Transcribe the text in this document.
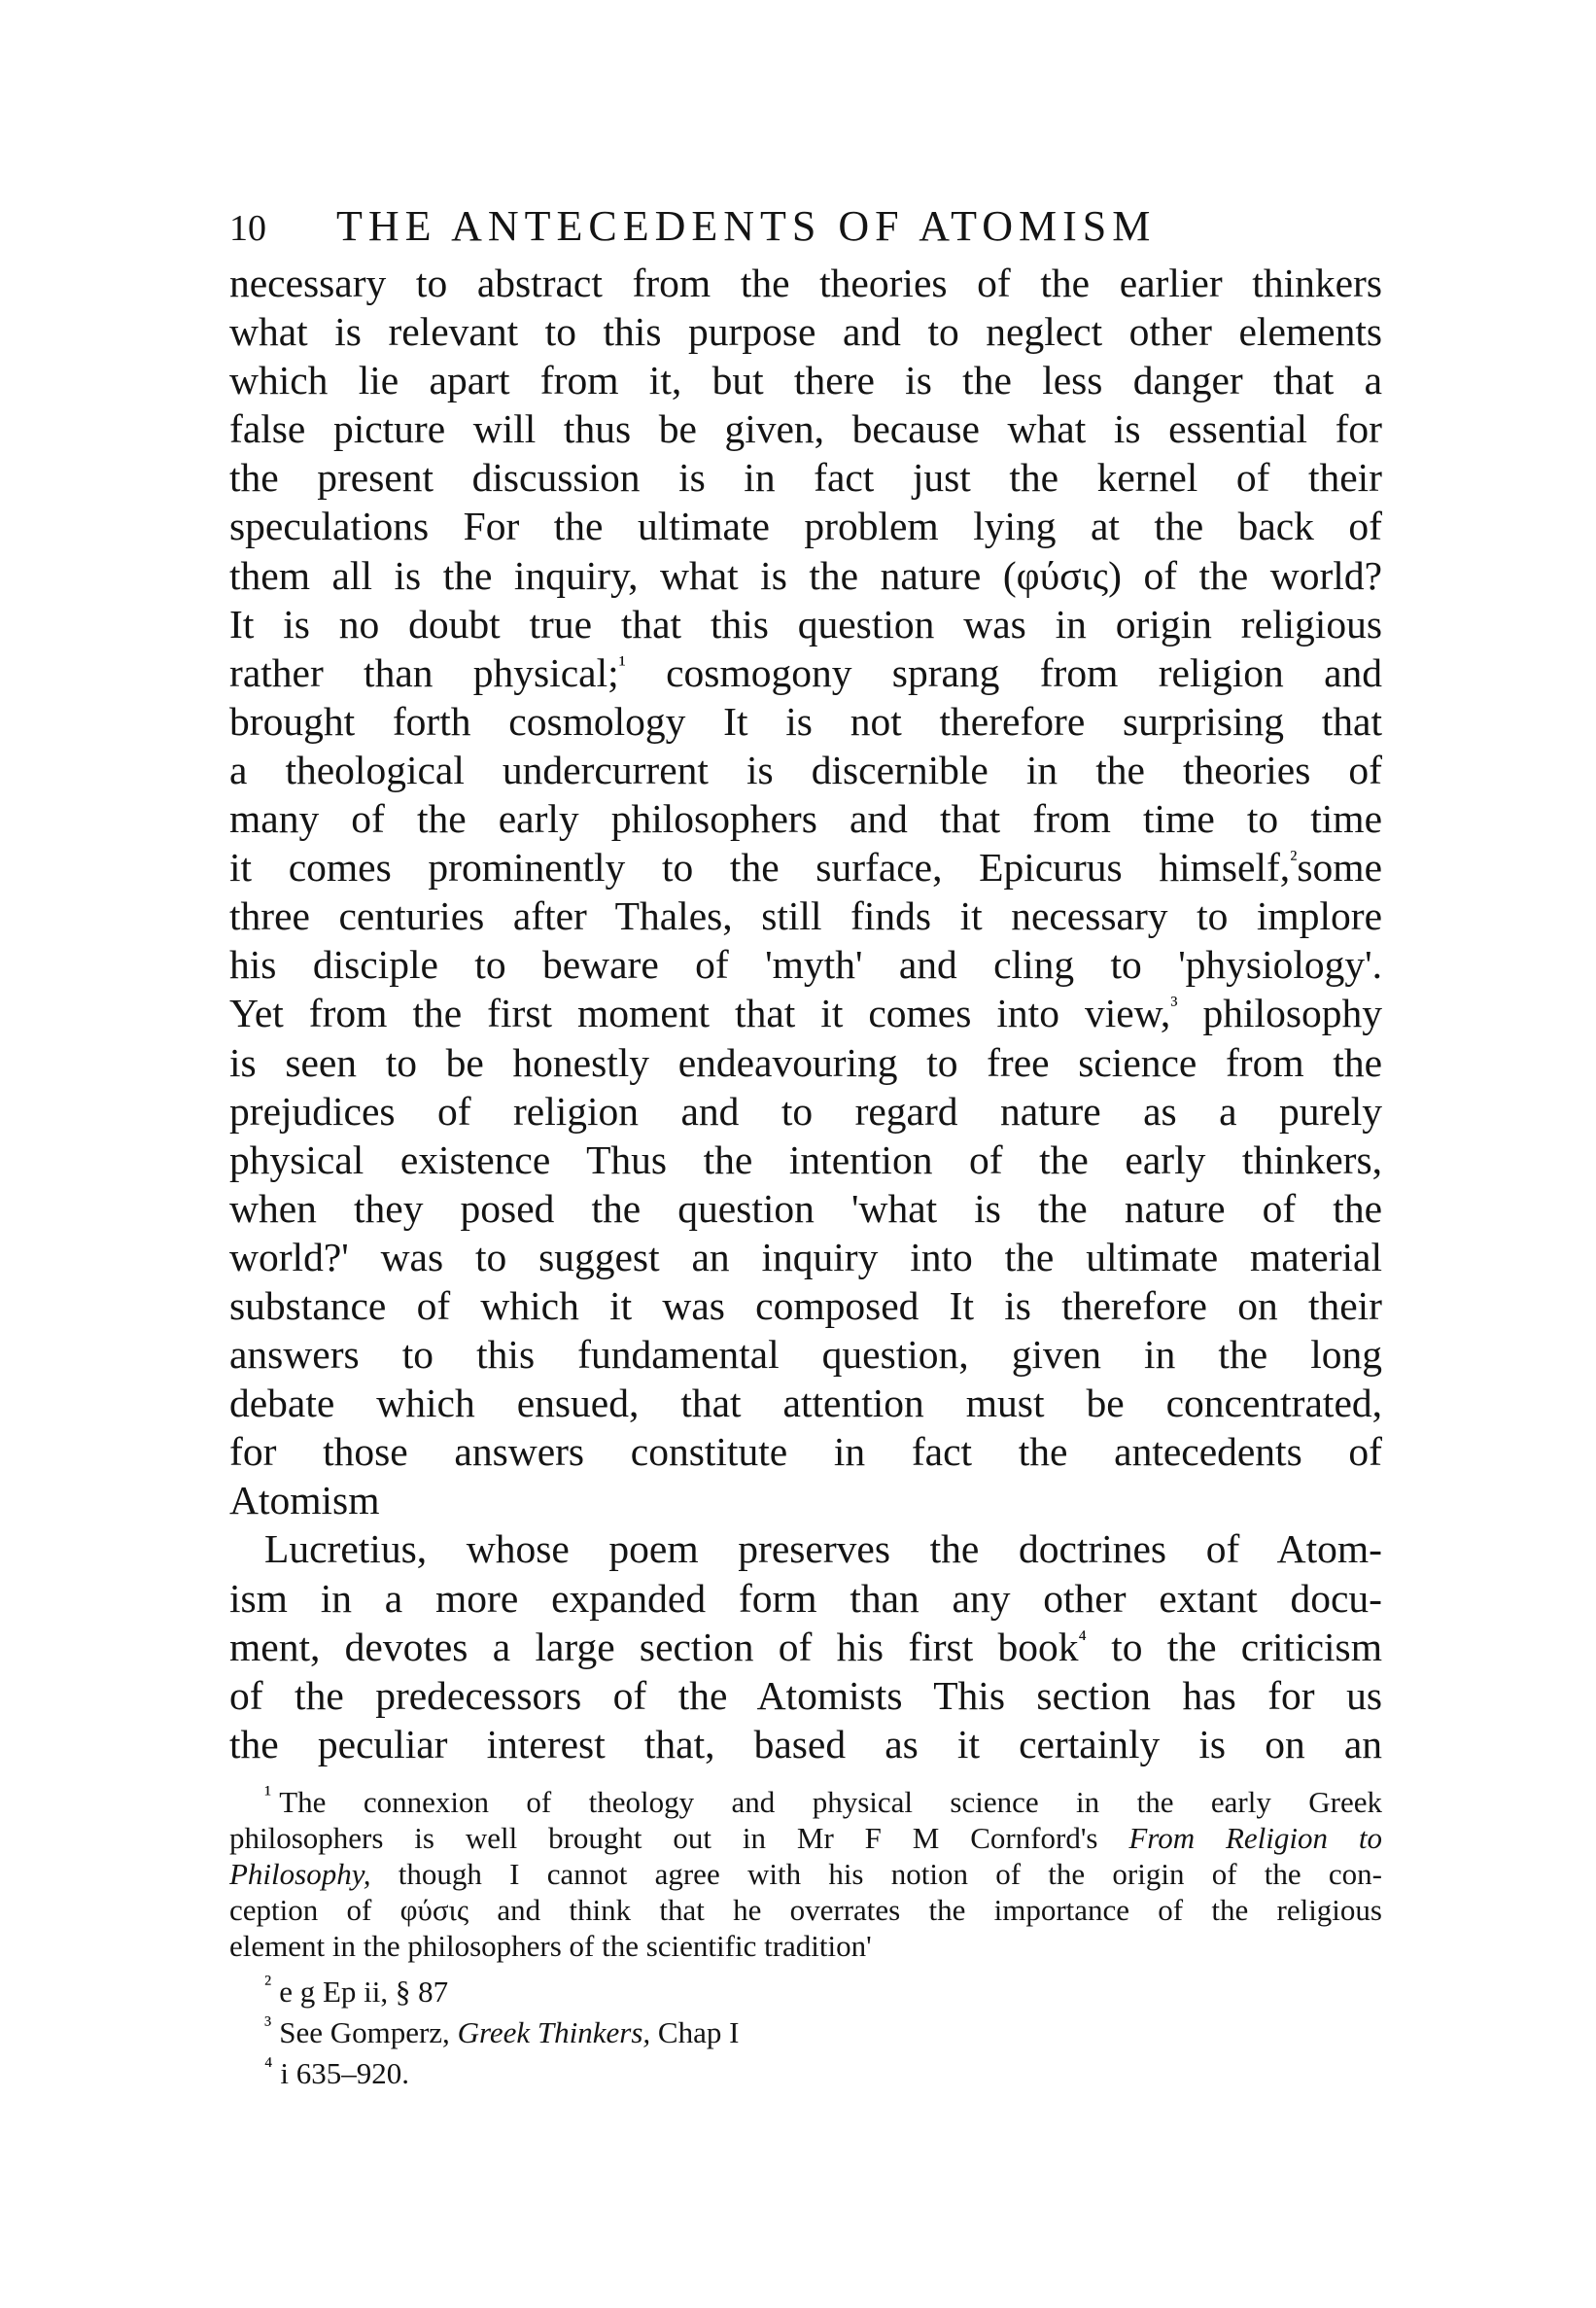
10	THE ANTECEDENTS OF ATOMISM
necessary to abstract from the theories of the earlier thinkers
what is relevant to this purpose and to neglect other elements
which lie apart from it, but there is the less danger that a
false picture will thus be given, because what is essential for
the present discussion is in fact just the kernel of their
speculations For the ultimate problem lying at the back of
them all is the inquiry, what is the nature (φύσις) of the world?
It is no doubt true that this question was in origin religious
rather than physical;$^{^1}$ cosmogony sprang from religion and
brought forth cosmology It is not therefore surprising that
a theological undercurrent is discernible in the theories of
many of the early philosophers and that from time to time
it comes prominently to the surface, Epicurus himself,$^{^2}$some
three centuries after Thales, still finds it necessary to implore
his disciple to beware of 'myth' and cling to 'physiology'.
Yet from the first moment that it comes into view,$^{^3}$ philosophy
is seen to be honestly endeavouring to free science from the
prejudices of religion and to regard nature as a purely
physical existence Thus the intention of the early thinkers,
when they posed the question 'what is the nature of the
world?' was to suggest an inquiry into the ultimate material
substance of which it was composed It is therefore on their
answers to this fundamental question, given in the long
debate which ensued, that attention must be concentrated,
for those answers constitute in fact the antecedents of
Atomism
Lucretius, whose poem preserves the doctrines of Atom-
ism in a more expanded form than any other extant docu-
ment, devotes a large section of his first book$^{^4}$ to the criticism
of the predecessors of the Atomists This section has for us
the peculiar interest that, based as it certainly is on an
$^{^1}$ The connexion of theology and physical science in the early Greek
philosophers is well brought out in Mr F M Cornford's From Religion to
Philosophy, though I cannot agree with his notion of the origin of the con-
ception of φύσις and think that he overrates the importance of the religious
element in the philosophers of the scientific tradition'
$^{^2}$ e g Ep ii, § 87
$^{^3}$ See Gomperz, Greek Thinkers, Chap I
$^{^4}$ i 635–920.
